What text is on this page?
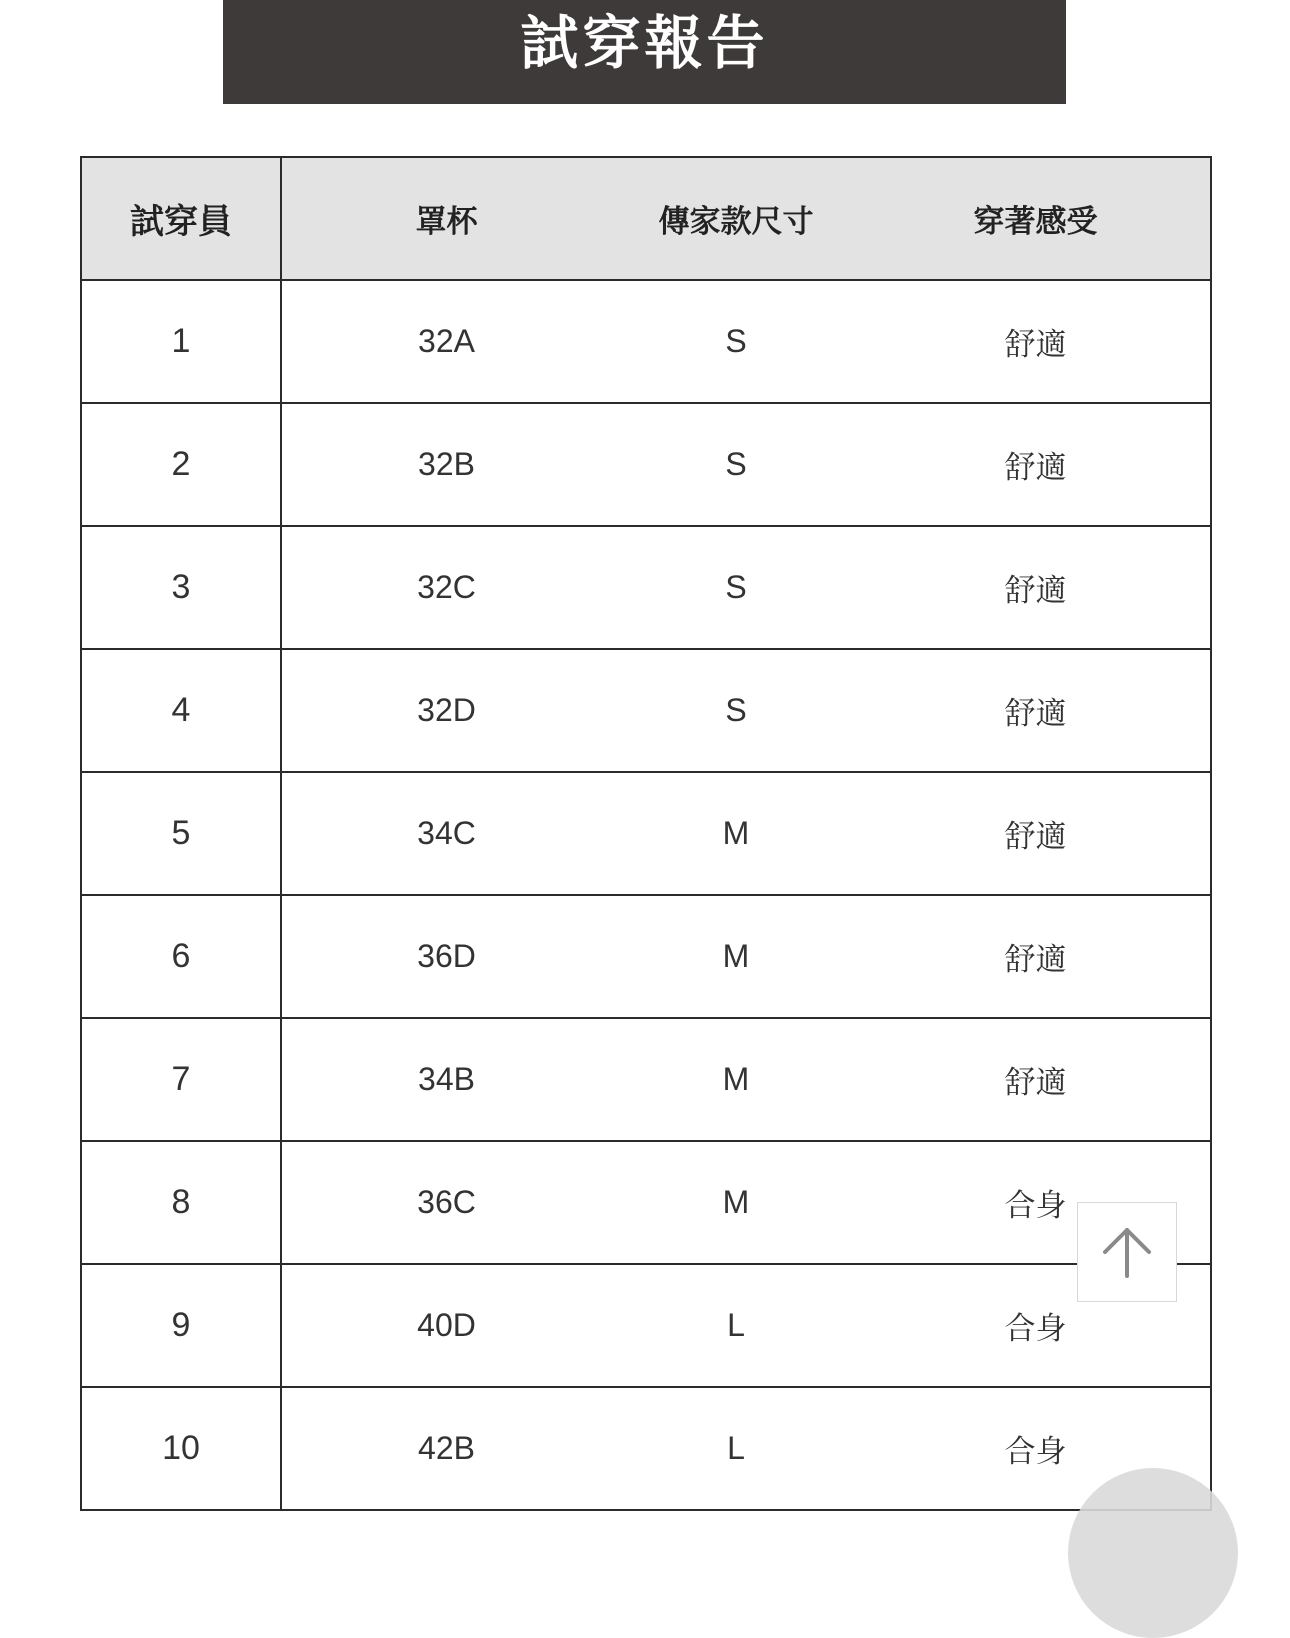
試穿報告
試穿員	罩杯	傳家款尺寸	穿著感受
1	32A	S	舒適
2	32B	S	舒適
3	32C	S	舒適
4	32D	S	舒適
5	34C	M	舒適
6	36D	M	舒適
7	34B	M	舒適
8	36C	M	合身
9	40D	L	合身
10	42B	L	合身
